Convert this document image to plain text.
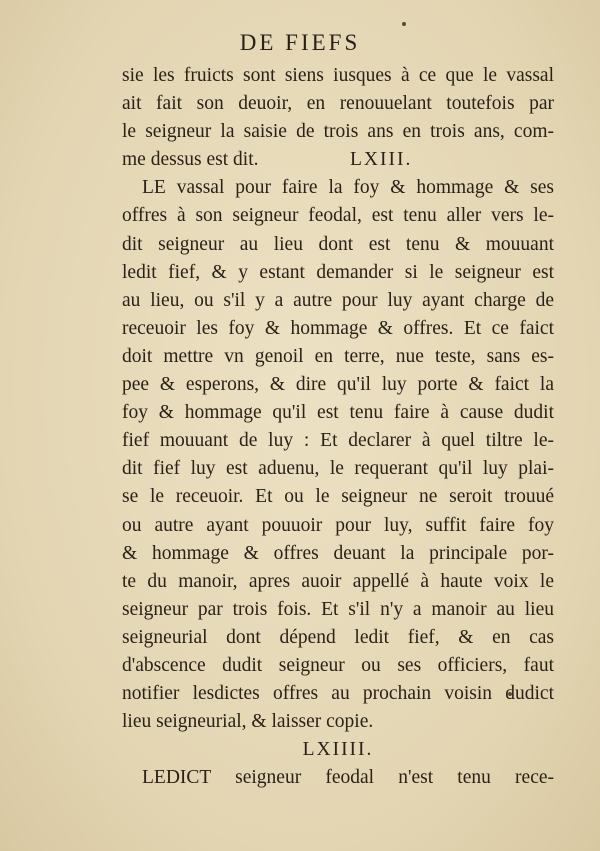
DE FIEFS
sie les fruicts sont siens iusques à ce que le vassal
ait fait son deuoir, en renouuelant toutefois par
le seigneur la saisie de trois ans en trois ans, com-
me dessus est dit.	LXIII.
LE vassal pour faire la foy & hommage & ses
offres à son seigneur feodal, est tenu aller vers le-
dit seigneur au lieu dont est tenu & mouuant
ledit fief, & y estant demander si le seigneur est
au lieu, ou s'il y a autre pour luy ayant charge de
receuoir les foy & hommage & offres. Et ce faict
doit mettre vn genoil en terre, nue teste, sans es-
pee & esperons, & dire qu'il luy porte & faict la
foy & hommage qu'il est tenu faire à cause dudit
fief mouuant de luy : Et declarer à quel tiltre le-
dit fief luy est aduenu, le requerant qu'il luy plai-
se le receuoir. Et ou le seigneur ne seroit trouué
ou autre ayant pouuoir pour luy, suffit faire foy
& hommage & offres deuant la principale por-
te du manoir, apres auoir appellé à haute voix le
seigneur par trois fois. Et s'il n'y a manoir au lieu
seigneurial dont dépend ledit fief, & en cas
d'abscence dudit seigneur ou ses officiers, faut
notifier lesdictes offres au prochain voisin dudict
lieu seigneurial, & laisser copie.
LXIIII.
LEDICT seigneur feodal n'est tenu rece-
